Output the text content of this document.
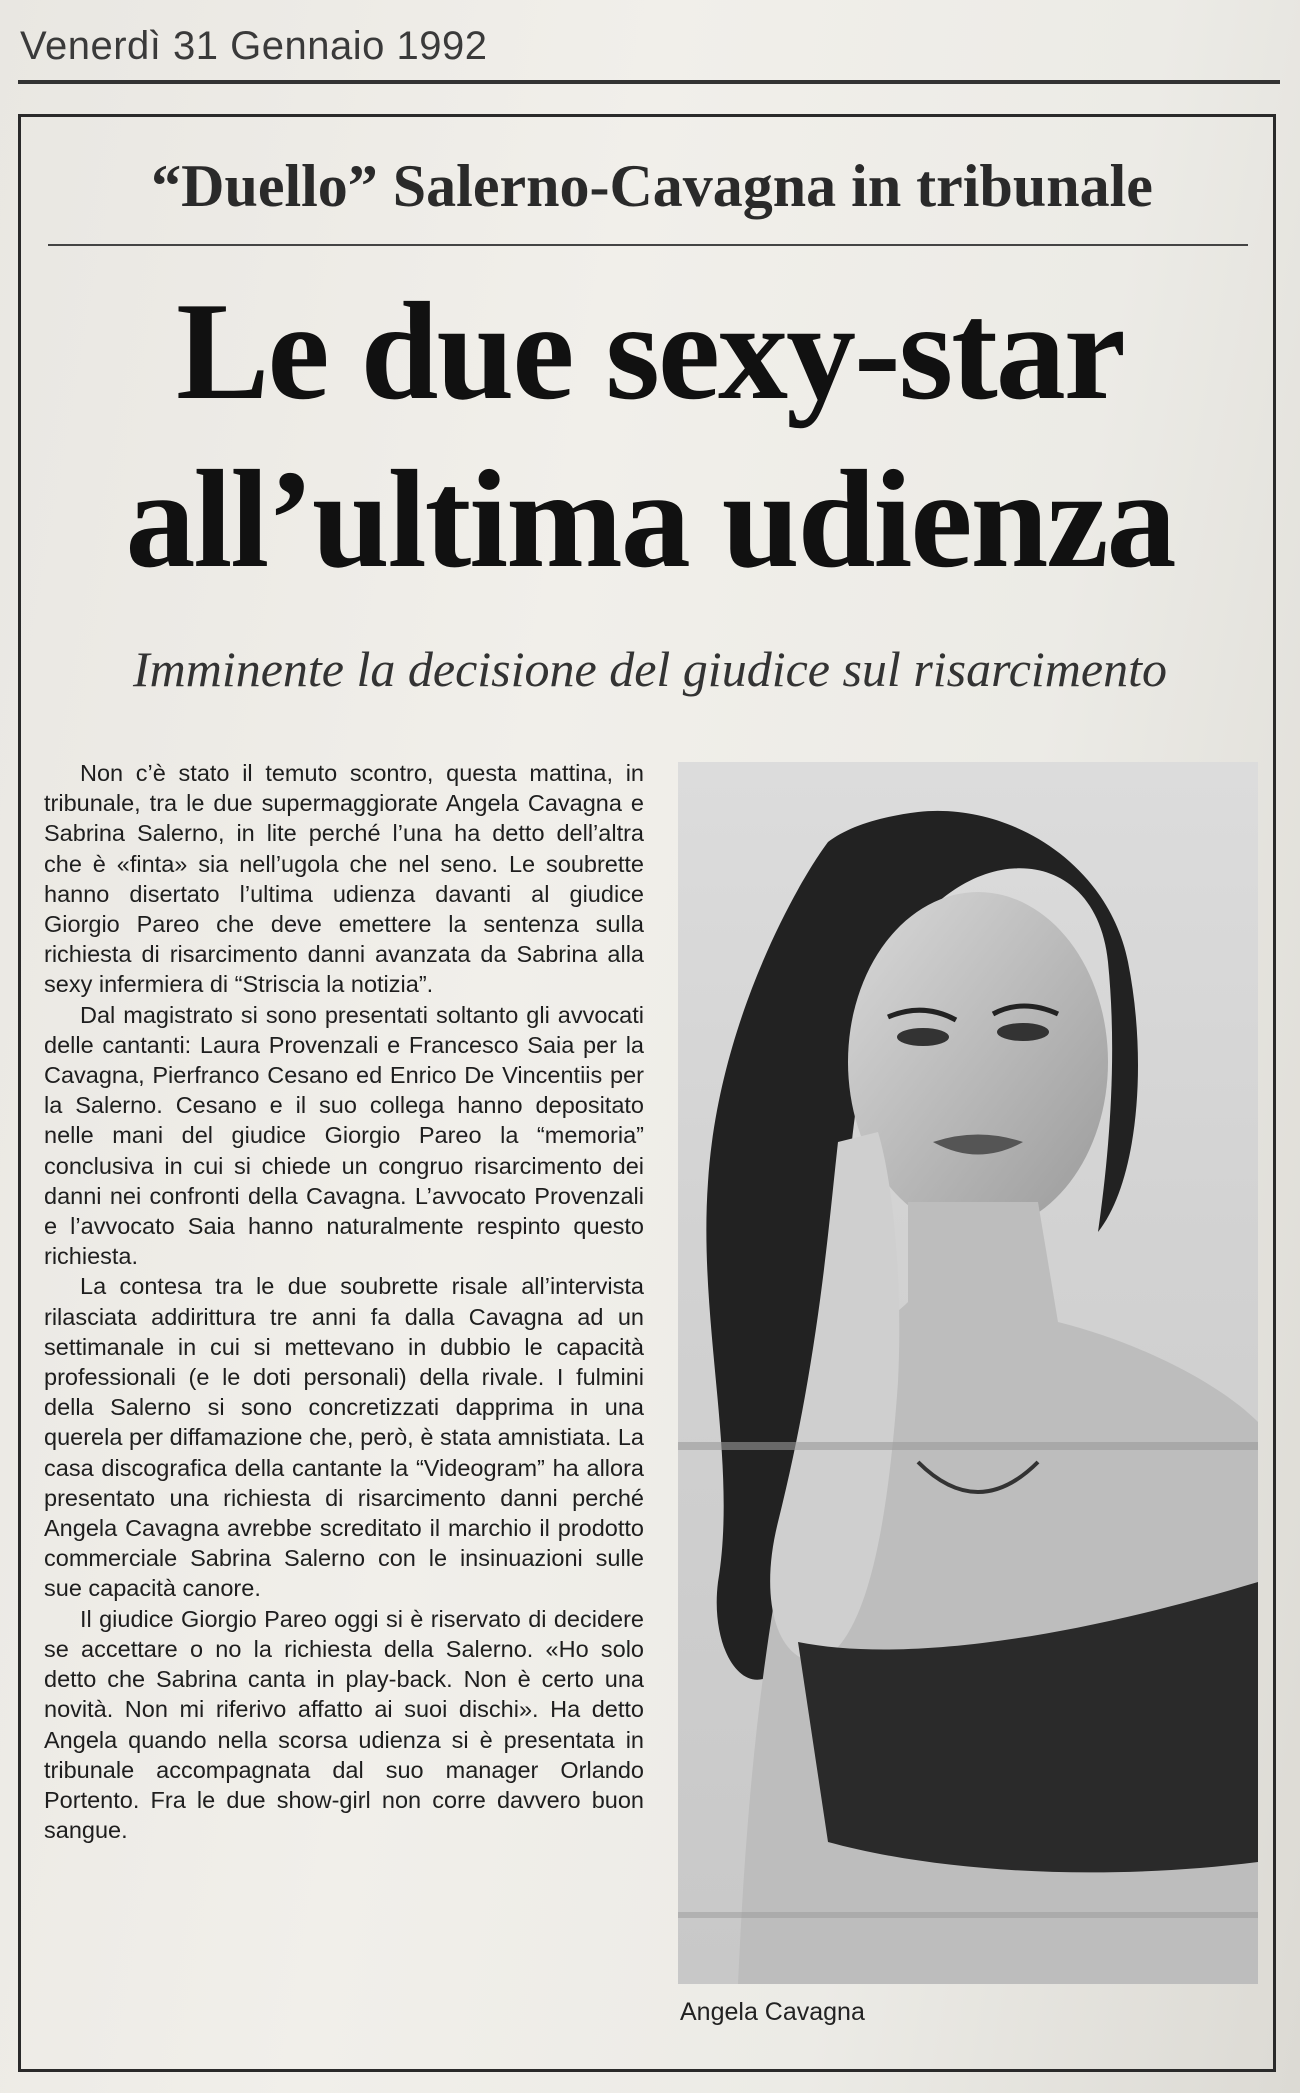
Venerdì 31 Gennaio 1992
“Duello” Salerno-Cavagna in tribunale
Le due sexy-star
all’ultima udienza
Imminente la decisione del giudice sul risarcimento

Non c’è stato il temuto scontro, questa mattina, in tribunale, tra le due supermaggiorate Angela Cavagna e Sabrina Salerno, in lite perché l’una ha detto dell’altra che è «finta» sia nell’ugola che nel seno. Le soubrette hanno disertato l’ultima udienza davanti al giudice Giorgio Pareo che deve emettere la sentenza sulla richiesta di risarcimento danni avanzata da Sabrina alla sexy infermiera di “Striscia la notizia”.

Dal magistrato si sono presentati soltanto gli avvocati delle cantanti: Laura Provenzali e Francesco Saia per la Cavagna, Pierfranco Cesano ed Enrico De Vincentiis per la Salerno. Cesano e il suo collega hanno depositato nelle mani del giudice Giorgio Pareo la “memoria” conclusiva in cui si chiede un congruo risarcimento dei danni nei confronti della Cavagna. L’avvocato Provenzali e l’avvocato Saia hanno naturalmente respinto questo richiesta.

La contesa tra le due soubrette risale all’intervista rilasciata addirittura tre anni fa dalla Cavagna ad un settimanale in cui si mettevano in dubbio le capacità professionali (e le doti personali) della rivale. I fulmini della Salerno si sono concretizzati dapprima in una querela per diffamazione che, però, è stata amnistiata. La casa discografica della cantante la “Videogram” ha allora presentato una richiesta di risarcimento danni perché Angela Cavagna avrebbe screditato il marchio il prodotto commerciale Sabrina Salerno con le insinuazioni sulle sue capacità canore.

Il giudice Giorgio Pareo oggi si è riservato di decidere se accettare o no la richiesta della Salerno. «Ho solo detto che Sabrina canta in play-back. Non è certo una novità. Non mi riferivo affatto ai suoi dischi». Ha detto Angela quando nella scorsa udienza si è presentata in tribunale accompagnata dal suo manager Orlando Portento. Fra le due show-girl non corre davvero buon sangue.

Angela Cavagna
